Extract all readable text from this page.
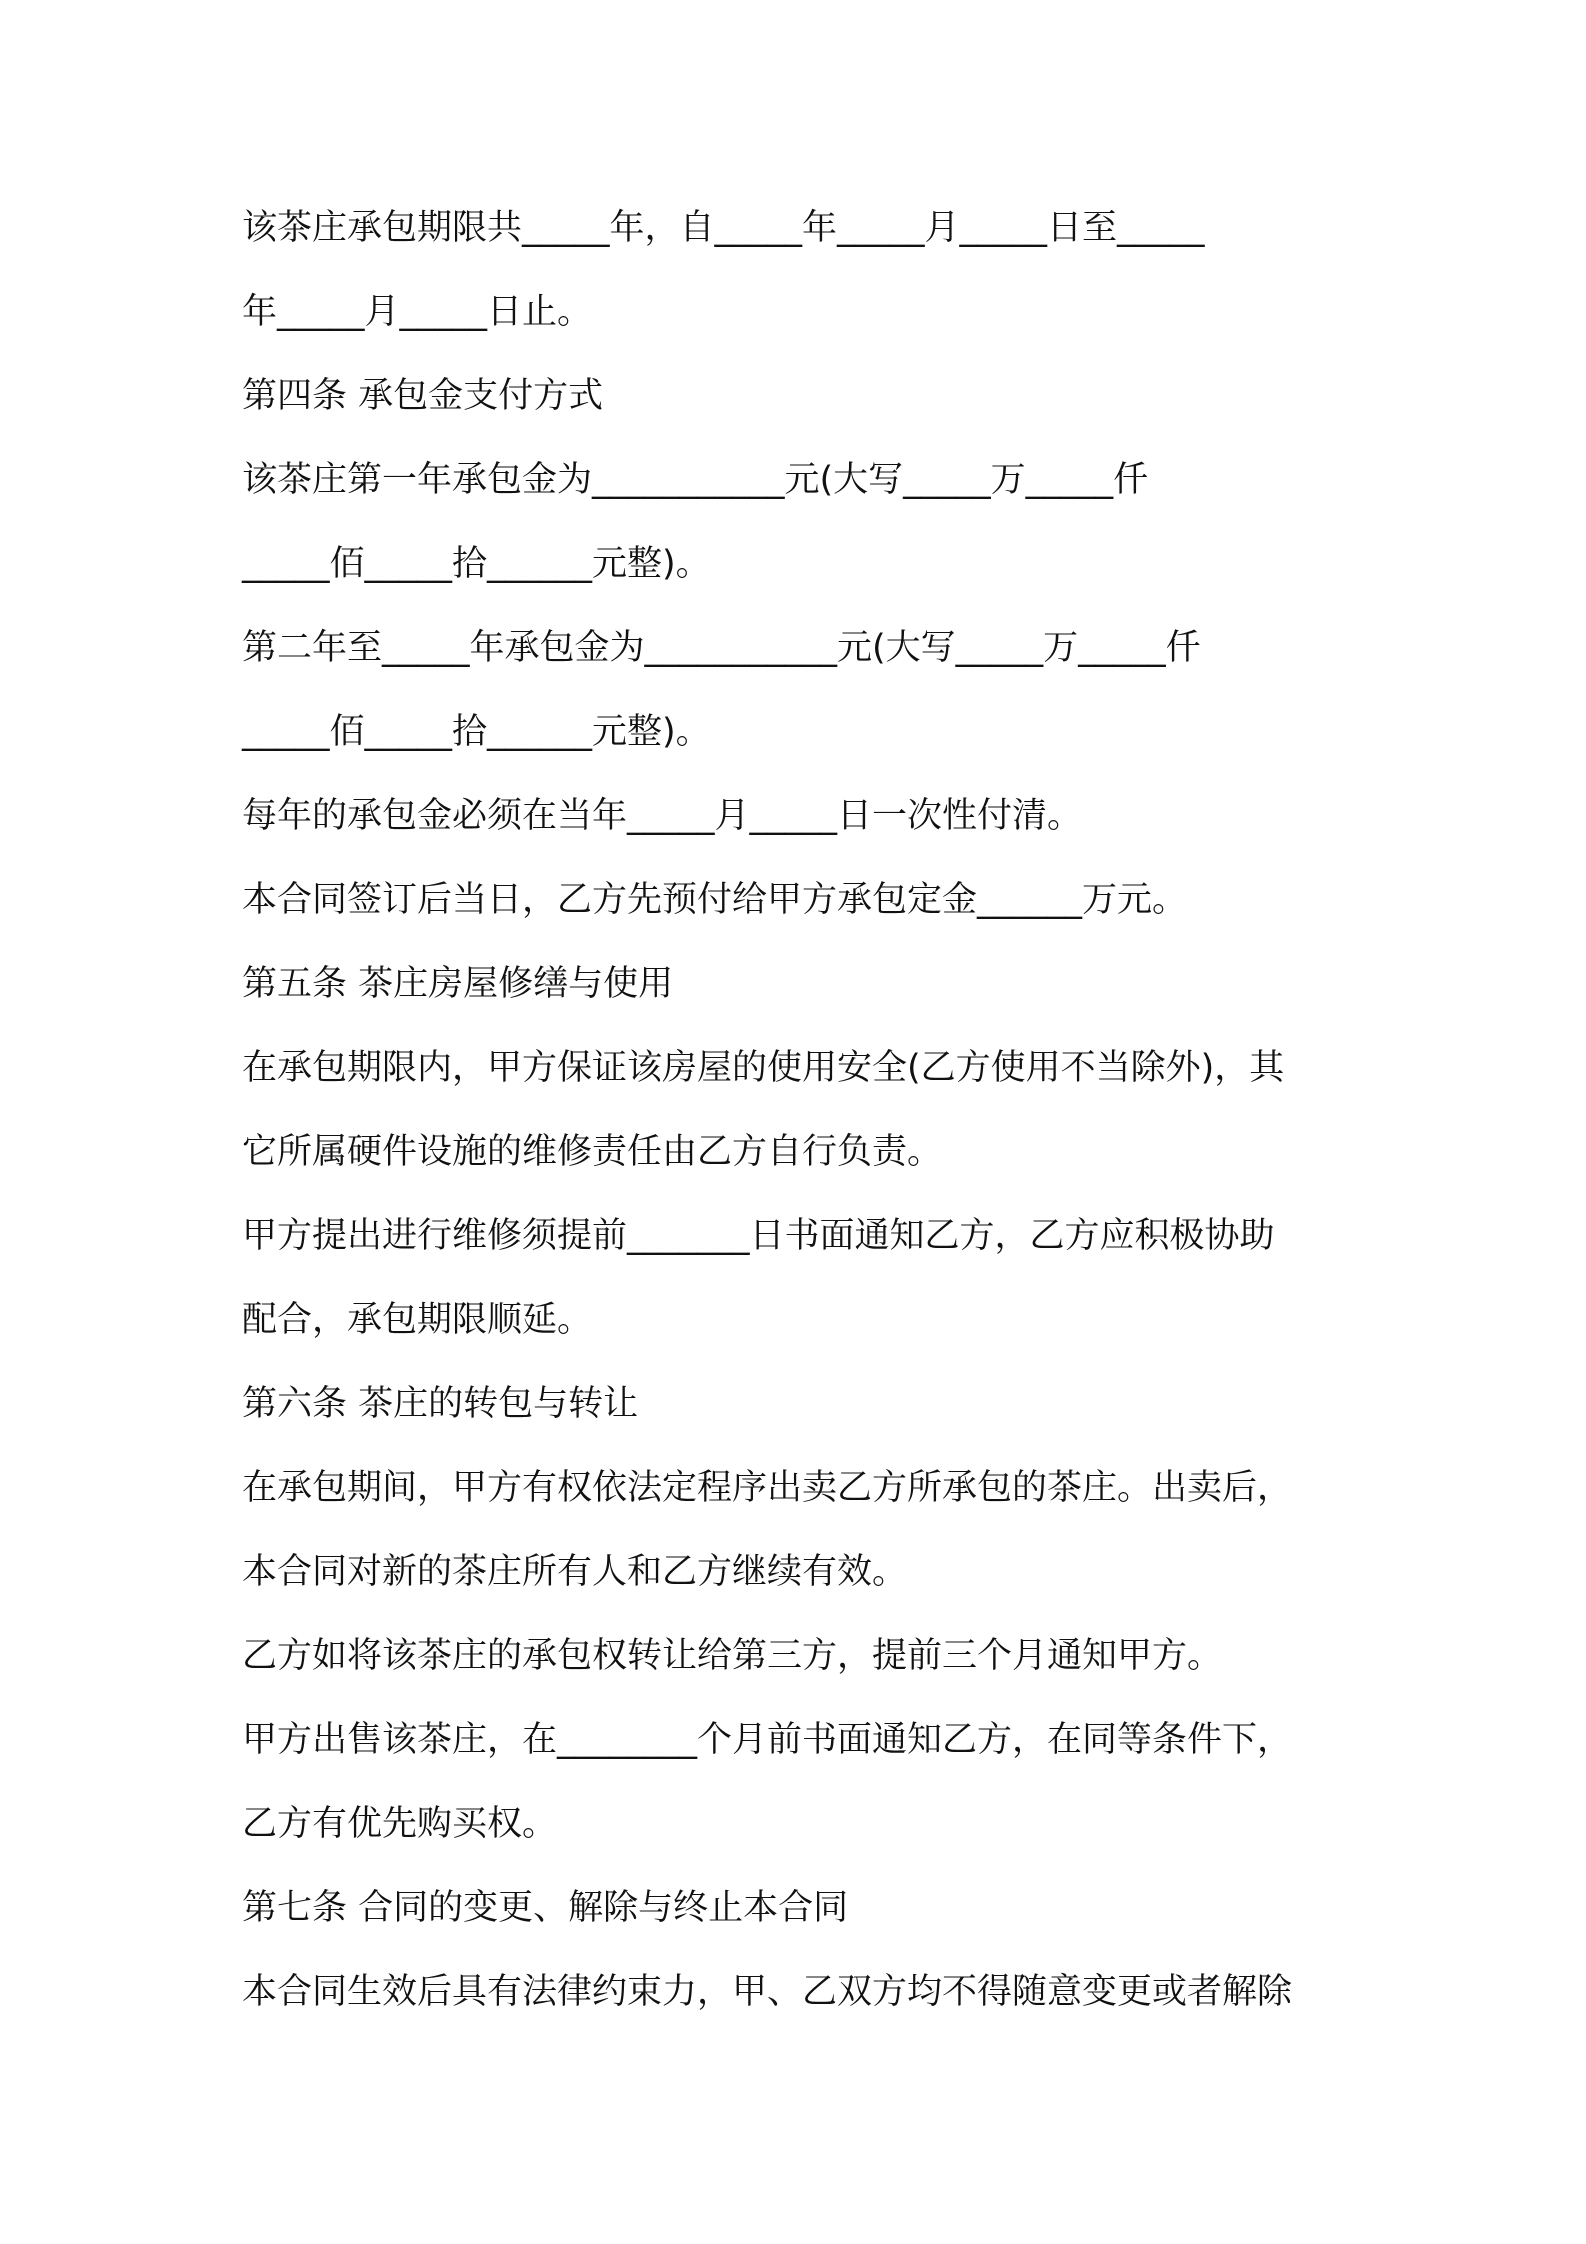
该茶庄承包期限共_____年，自_____年_____月_____日至_____
年_____月_____日止。
第四条 承包金支付方式
该茶庄第一年承包金为___________元(大写_____万_____仟
_____佰_____拾______元整)。
第二年至_____年承包金为___________元(大写_____万_____仟
_____佰_____拾______元整)。
每年的承包金必须在当年_____月_____日一次性付清。
本合同签订后当日，乙方先预付给甲方承包定金______万元。
第五条 茶庄房屋修缮与使用
在承包期限内，甲方保证该房屋的使用安全(乙方使用不当除外)，其
它所属硬件设施的维修责任由乙方自行负责。
甲方提出进行维修须提前_______日书面通知乙方，乙方应积极协助
配合，承包期限顺延。
第六条 茶庄的转包与转让
在承包期间，甲方有权依法定程序出卖乙方所承包的茶庄。出卖后，
本合同对新的茶庄所有人和乙方继续有效。
乙方如将该茶庄的承包权转让给第三方，提前三个月通知甲方。
甲方出售该茶庄，在________个月前书面通知乙方，在同等条件下，
乙方有优先购买权。
第七条 合同的变更、解除与终止本合同
本合同生效后具有法律约束力，甲、乙双方均不得随意变更或者解除
